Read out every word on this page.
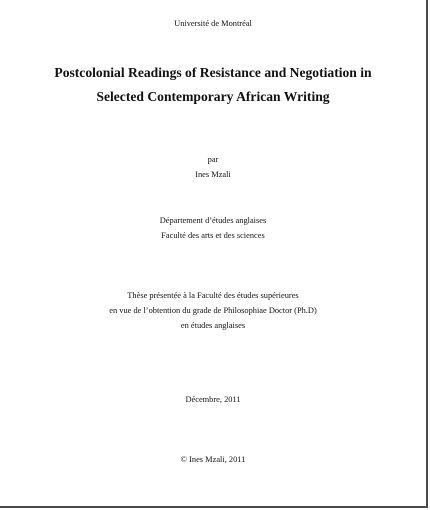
Université de Montréal
Postcolonial Readings of Resistance and Negotiation in
Selected Contemporary African Writing
par
Ines Mzali
Département d’études anglaises
Faculté des arts et des sciences
Thèse présentée à la Faculté des études supérieures
en vue de l’obtention du grade de Philosophiae Doctor (Ph.D)
en études anglaises
Décembre, 2011
© Ines Mzali, 2011
